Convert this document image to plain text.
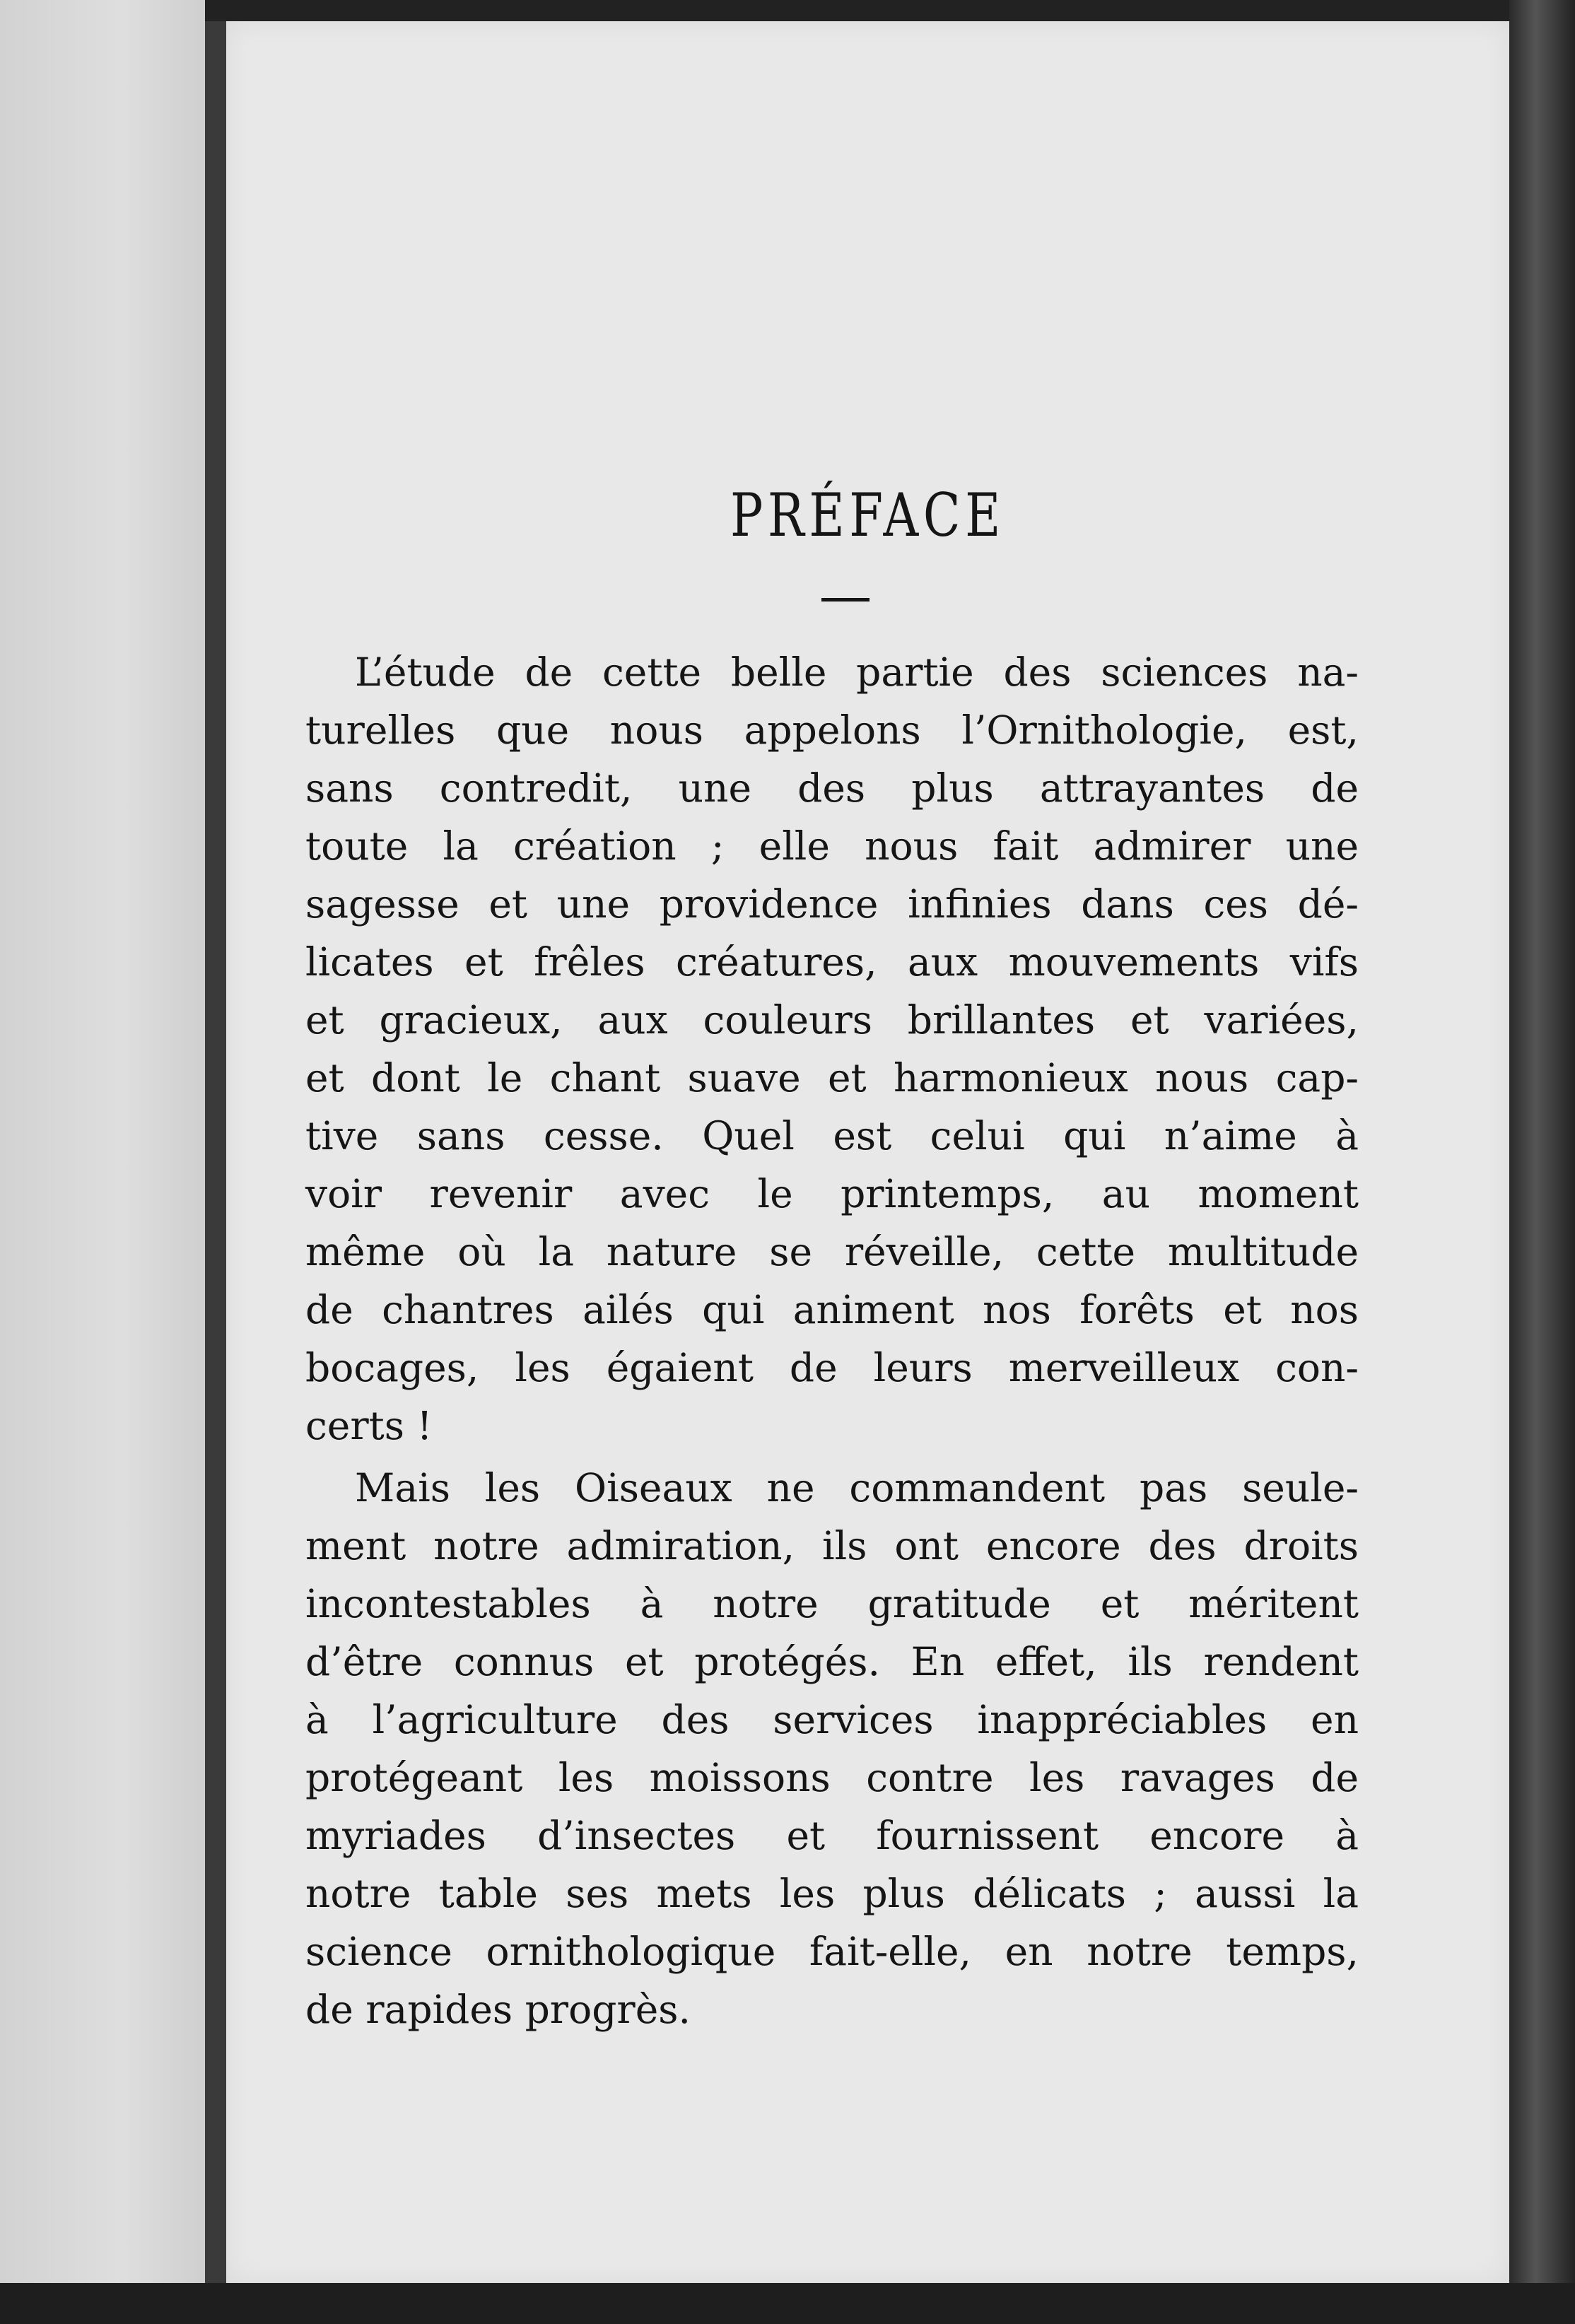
PRÉFACE
L’étude de cette belle partie des sciences na-
turelles que nous appelons l’Ornithologie, est,
sans contredit, une des plus attrayantes de
toute la création ; elle nous fait admirer une
sagesse et une providence infinies dans ces dé-
licates et frêles créatures, aux mouvements vifs
et gracieux, aux couleurs brillantes et variées,
et dont le chant suave et harmonieux nous cap-
tive sans cesse. Quel est celui qui n’aime à
voir revenir avec le printemps, au moment
même où la nature se réveille, cette multitude
de chantres ailés qui animent nos forêts et nos
bocages, les égaient de leurs merveilleux con-
certs !
Mais les Oiseaux ne commandent pas seule-
ment notre admiration, ils ont encore des droits
incontestables à notre gratitude et méritent
d’être connus et protégés. En effet, ils rendent
à l’agriculture des services inappréciables en
protégeant les moissons contre les ravages de
myriades d’insectes et fournissent encore à
notre table ses mets les plus délicats ; aussi la
science ornithologique fait-elle, en notre temps,
de rapides progrès.
